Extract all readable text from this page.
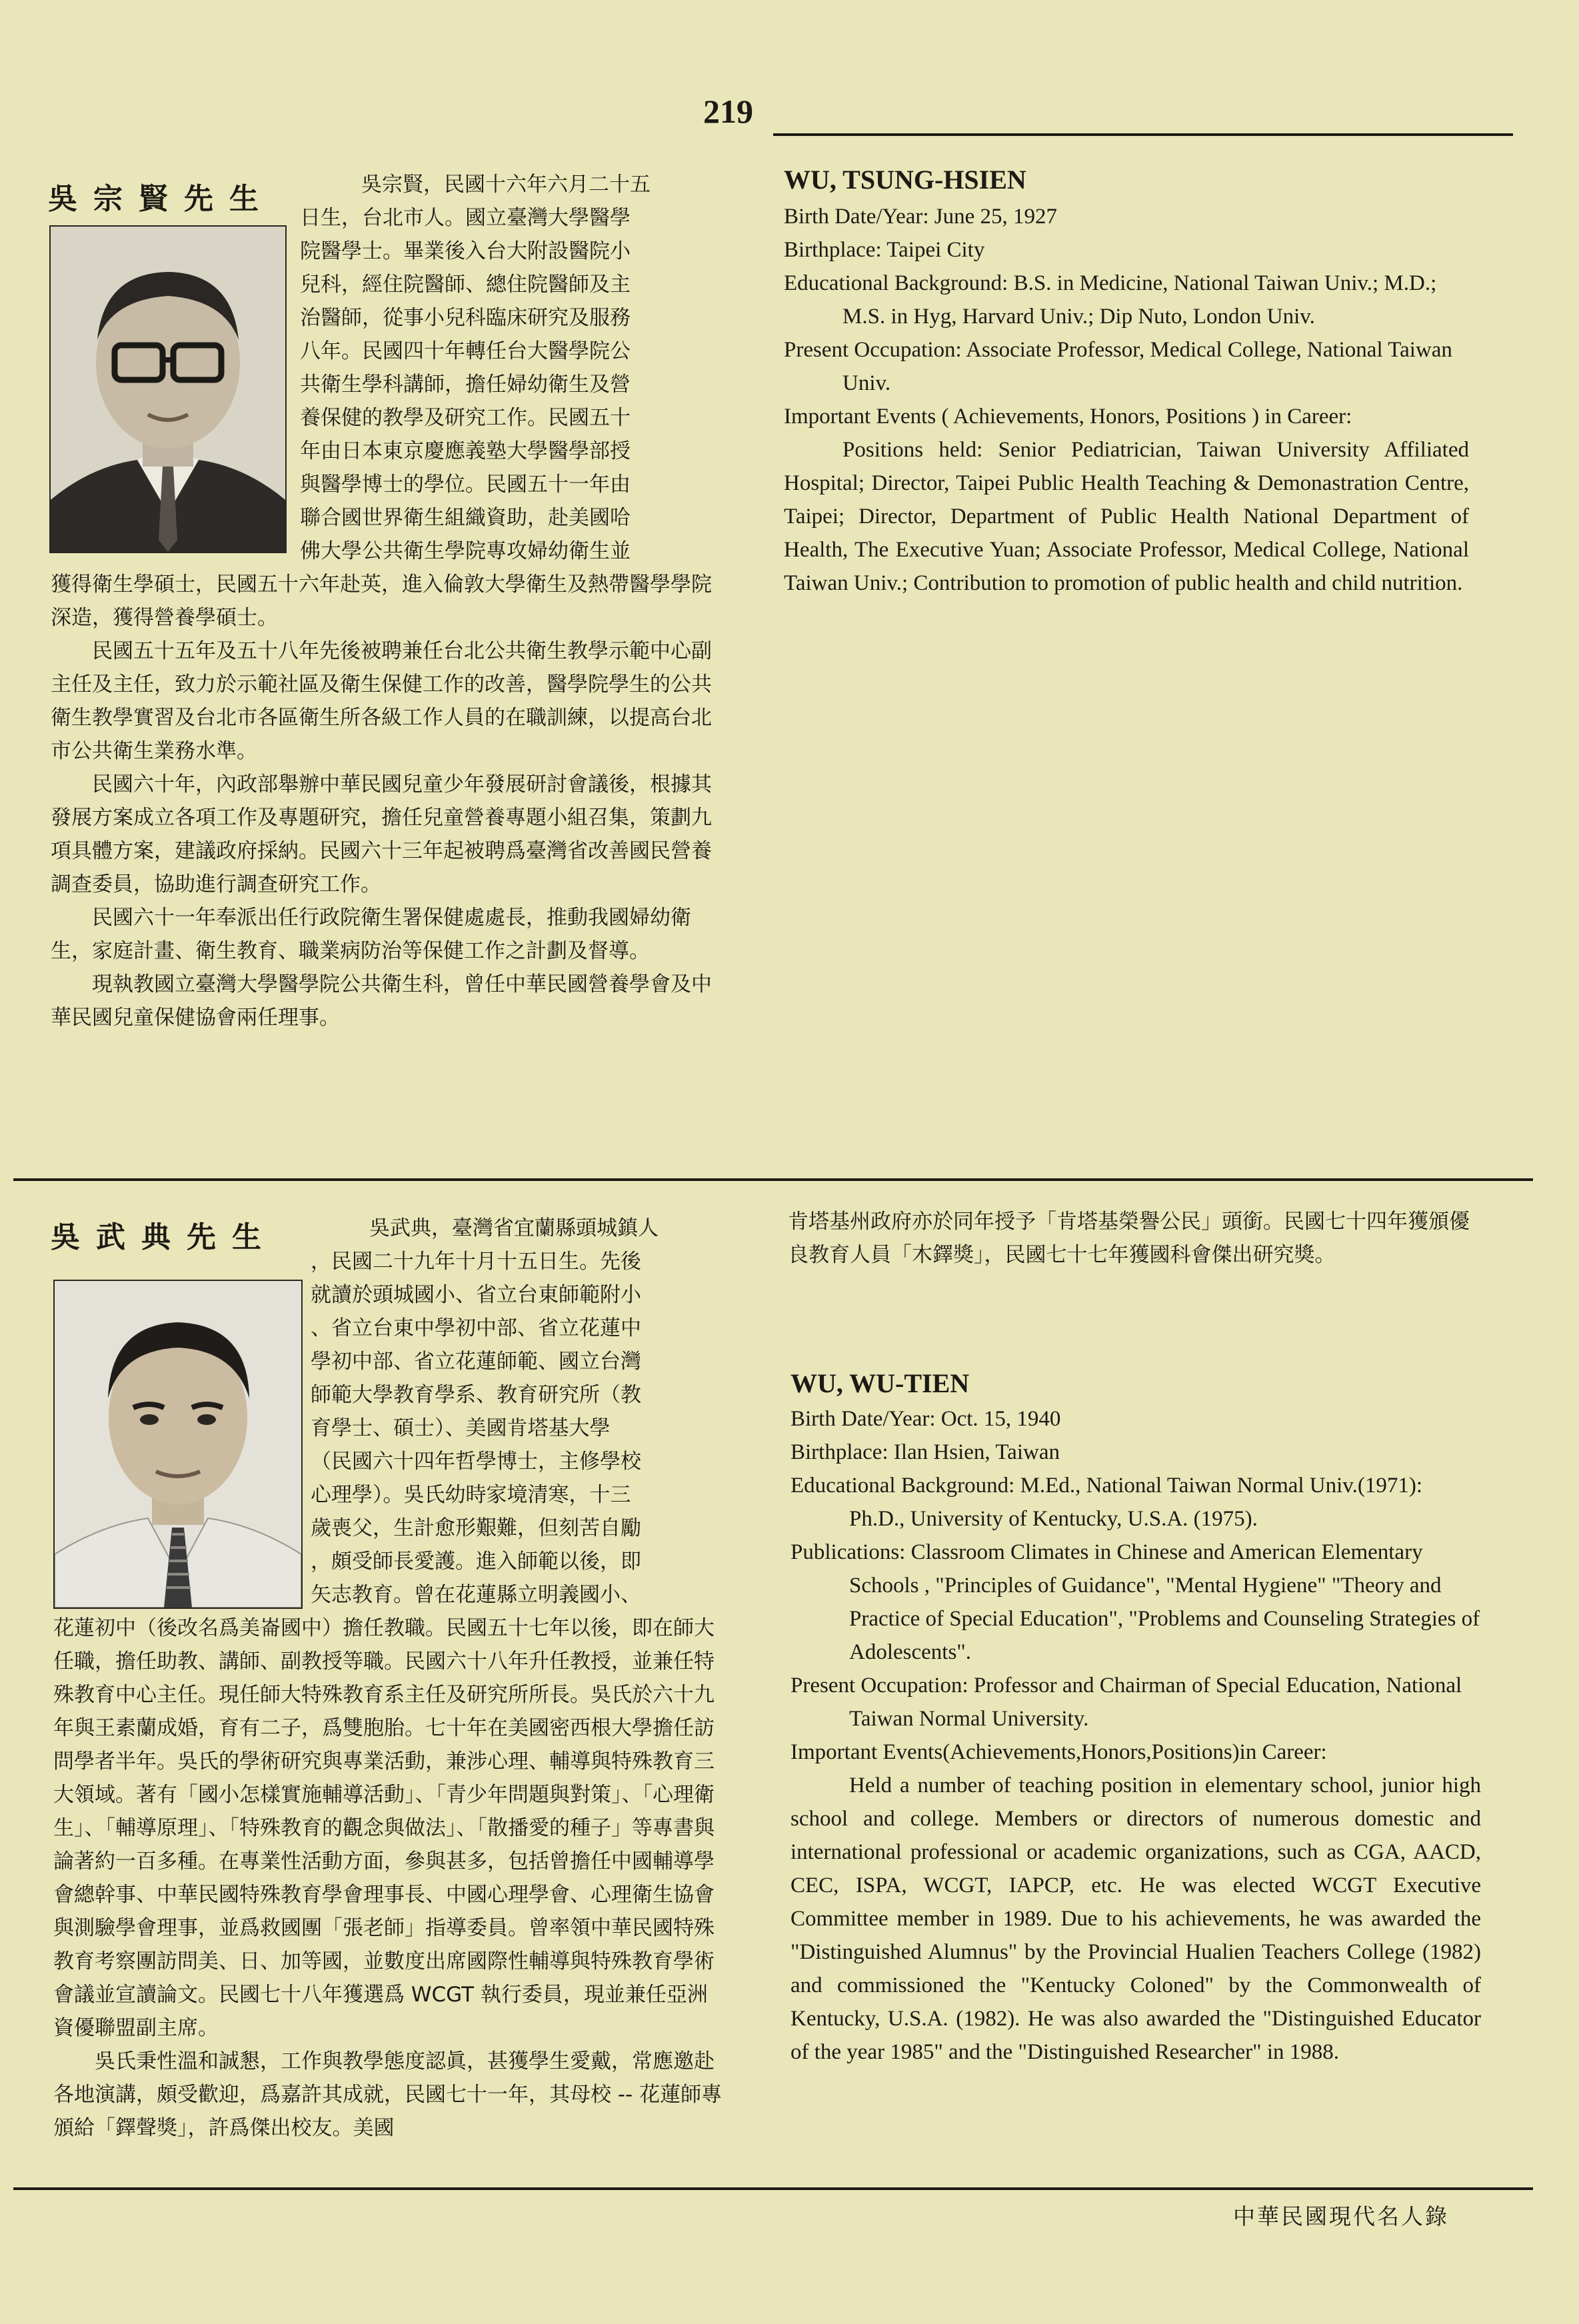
219
吳宗賢先生	吳宗賢，民國十六年六月二十五

日生，台北市人。國立臺灣大學醫學

院醫學士。畢業後入台大附設醫院小

兒科，經住院醫師、總住院醫師及主

治醫師，從事小兒科臨床研究及服務

八年。民國四十年轉任台大醫學院公

共衛生學科講師，擔任婦幼衛生及營

養保健的教學及研究工作。民國五十

年由日本東京慶應義塾大學醫學部授

與醫學博士的學位。民國五十一年由

聯合國世界衛生組織資助，赴美國哈

佛大學公共衛生學院專攻婦幼衛生並

獲得衛生學碩士，民國五十六年赴英，進入倫敦大學衛生及熱帶醫學學院深造，獲得營養學碩士。

民國五十五年及五十八年先後被聘兼任台北公共衛生教學示範中心副主任及主任，致力於示範社區及衛生保健工作的改善，醫學院學生的公共衛生教學實習及台北市各區衛生所各級工作人員的在職訓練，以提高台北市公共衛生業務水準。

民國六十年，內政部舉辦中華民國兒童少年發展研討會議後，根據其發展方案成立各項工作及專題研究，擔任兒童營養專題小組召集，策劃九項具體方案，建議政府採納。民國六十三年起被聘爲臺灣省改善國民營養調查委員，協助進行調查研究工作。

民國六十一年奉派出任行政院衛生署保健處處長，推動我國婦幼衛生，家庭計畫、衛生教育、職業病防治等保健工作之計劃及督導。

現執教國立臺灣大學醫學院公共衛生科，曾任中華民國營養學會及中華民國兒童保健協會兩任理事。

WU, TSUNG-HSIEN

Birth Date/Year: June 25, 1927

Birthplace: Taipei City

Educational Background: B.S. in Medicine, National Taiwan Univ.; M.D.; M.S. in Hyg, Harvard Univ.; Dip Nuto, London Univ.

Present Occupation: Associate Professor, Medical College, National Taiwan Univ.

Important Events ( Achievements, Honors, Positions ) in Career:

Positions held: Senior Pediatrician, Taiwan University Affiliated Hospital; Director, Taipei Public Health Teaching & Demonastration Centre, Taipei; Director, Department of Public Health National Department of Health, The Executive Yuan; Associate Professor, Medical College, National Taiwan Univ.; Contribution to promotion of public health and child nutrition.

吳武典先生	吳武典，臺灣省宜蘭縣頭城鎮人

，民國二十九年十月十五日生。先後

就讀於頭城國小、省立台東師範附小

、省立台東中學初中部、省立花蓮中

學初中部、省立花蓮師範、國立台灣

師範大學教育學系、教育研究所（教

育學士、碩士）、美國肯塔基大學

（民國六十四年哲學博士，主修學校

心理學）。吳氏幼時家境清寒，十三

歲喪父，生計愈形艱難，但刻苦自勵

，頗受師長愛護。進入師範以後，即

矢志教育。曾在花蓮縣立明義國小、

花蓮初中（後改名爲美崙國中）擔任教職。民國五十七年以後，即在師大任職，擔任助教、講師、副教授等職。民國六十八年升任教授，並兼任特殊教育中心主任。現任師大特殊教育系主任及研究所所長。吳氏於六十九年與王素蘭成婚，育有二子，爲雙胞胎。七十年在美國密西根大學擔任訪問學者半年。吳氏的學術研究與專業活動，兼涉心理、輔導與特殊教育三大領域。著有「國小怎樣實施輔導活動」、「青少年問題與對策」、「心理衛生」、「輔導原理」、「特殊教育的觀念與做法」、「散播愛的種子」等專書與論著約一百多種。在專業性活動方面，參與甚多，包括曾擔任中國輔導學會總幹事、中華民國特殊教育學會理事長、中國心理學會、心理衛生協會與測驗學會理事，並爲救國團「張老師」指導委員。曾率領中華民國特殊教育考察團訪問美、日、加等國，並數度出席國際性輔導與特殊教育學術會議並宣讀論文。民國七十八年獲選爲 WCGT 執行委員，現並兼任亞洲資優聯盟副主席。

吳氏秉性溫和誠懇，工作與教學態度認眞，甚獲學生愛戴，常應邀赴各地演講，頗受歡迎，爲嘉許其成就，民國七十一年，其母校 -- 花蓮師專頒給「鐸聲獎」，許爲傑出校友。美國

肯塔基州政府亦於同年授予「肯塔基榮譽公民」頭銜。民國七十四年獲頒優良教育人員「木鐸獎」，民國七十七年獲國科會傑出研究獎。

WU, WU-TIEN

Birth Date/Year: Oct. 15, 1940

Birthplace: Ilan Hsien, Taiwan

Educational Background: M.Ed., National Taiwan Normal Univ.(1971): Ph.D., University of Kentucky, U.S.A. (1975).

Publications: Classroom Climates in Chinese and American Elementary Schools , "Principles of Guidance", "Mental Hygiene" "Theory and Practice of Special Education", "Problems and Counseling Strategies of Adolescents".

Present Occupation: Professor and Chairman of Special Education, National Taiwan Normal University.

Important Events(Achievements,Honors,Positions)in Career:

Held a number of teaching position in elementary school, junior high school and college. Members or directors of numerous domestic and international professional or academic organizations, such as CGA, AACD, CEC, ISPA, WCGT, IAPCP, etc. He was elected WCGT Executive Committee member in 1989. Due to his achievements, he was awarded the "Distinguished Alumnus" by the Provincial Hualien Teachers College (1982) and commissioned the "Kentucky Coloned" by the Commonwealth of Kentucky, U.S.A. (1982). He was also awarded the "Distinguished Educator of the year 1985" and the "Distinguished Researcher" in 1988.

中華民國現代名人錄
